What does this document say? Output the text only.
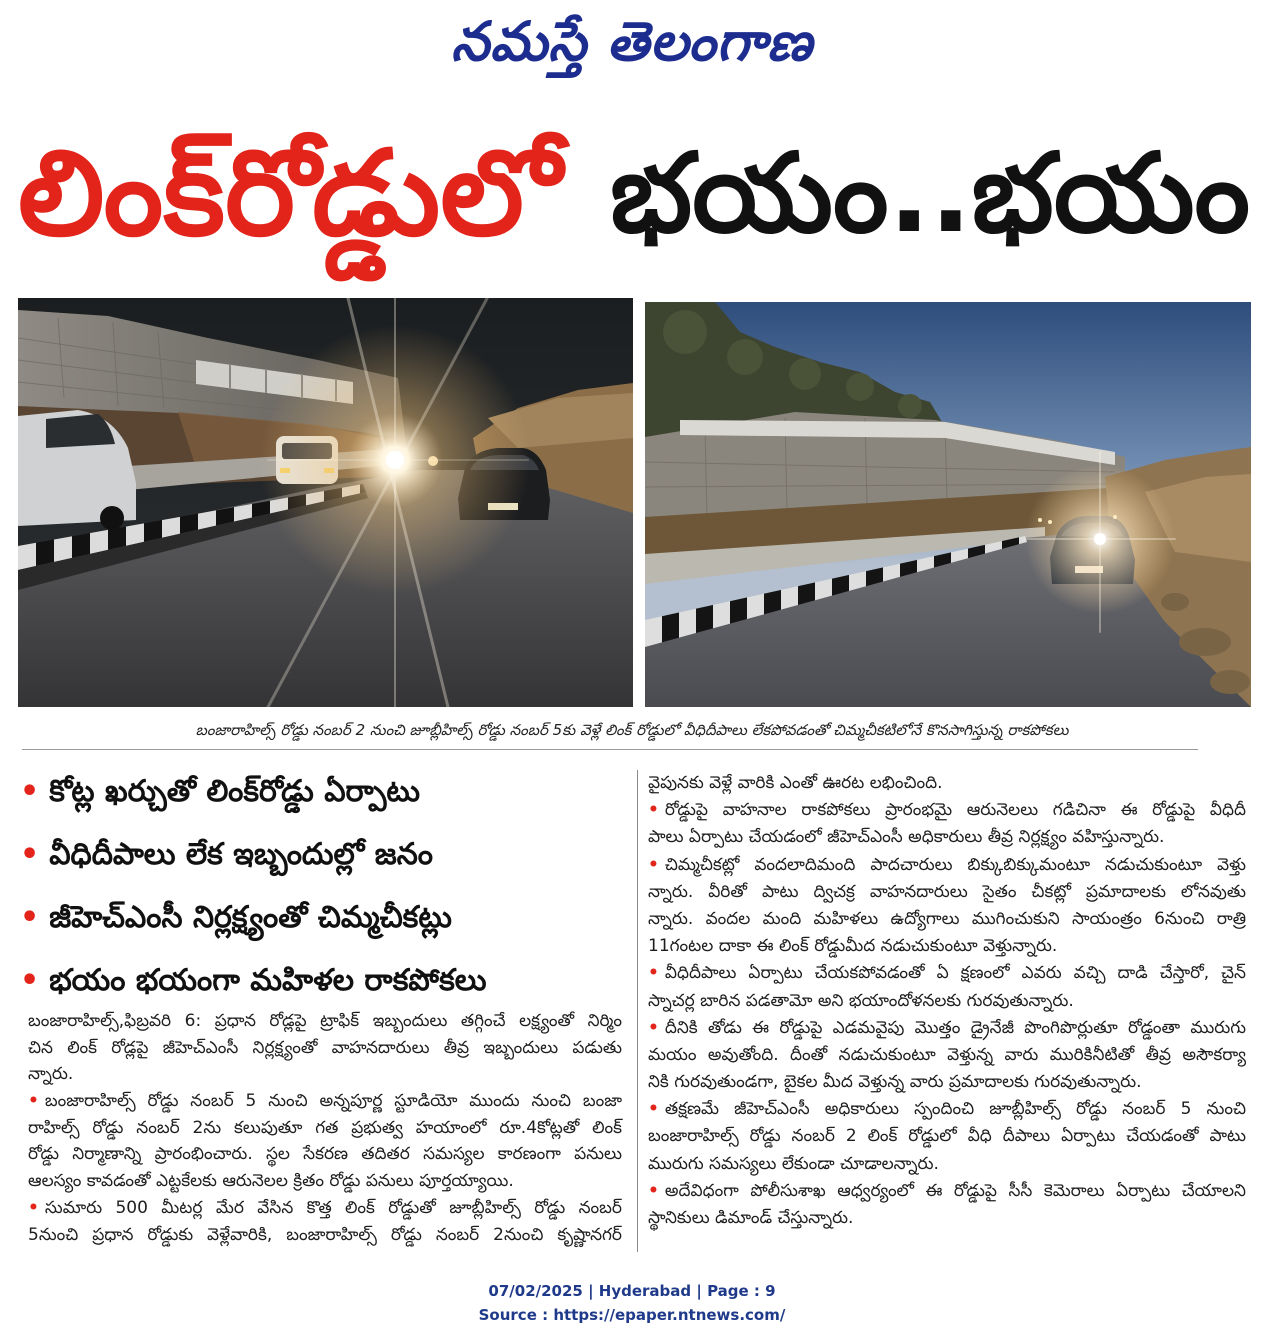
నమస్తే తెలంగాణ
లింక్‌రోడ్డులో భయం..భయం
బంజారాహిల్స్ రోడ్డు నంబర్ 2 నుంచి జూబ్లీహిల్స్ రోడ్డు నంబర్ 5కు వెళ్లే లింక్ రోడ్డులో వీధిదీపాలు లేకపోవడంతో చిమ్మచీకటిలోనే కొనసాగిస్తున్న రాకపోకలు
• కోట్ల ఖర్చుతో లింక్‌రోడ్డు ఏర్పాటు
• వీధిదీపాలు లేక ఇబ్బందుల్లో జనం
• జీహెచ్‌ఎంసీ నిర్లక్ష్యంతో చిమ్మచీకట్లు
• భయం భయంగా మహిళల రాకపోకలు
బంజారాహిల్స్,ఫిబ్రవరి 6: ప్రధాన రోడ్లపై ట్రాఫిక్ ఇబ్బందులు తగ్గించే లక్ష్యంతో నిర్మిం
చిన లింక్ రోడ్లపై జీహెచ్‌ఎంసీ నిర్లక్ష్యంతో వాహనదారులు తీవ్ర ఇబ్బందులు పడుతు
న్నారు.
• బంజారాహిల్స్ రోడ్డు నంబర్ 5 నుంచి అన్నపూర్ణ స్టూడియో ముందు నుంచి బంజా
రాహిల్స్ రోడ్డు నంబర్ 2ను కలుపుతూ గత ప్రభుత్వ హయాంలో రూ.4కోట్లతో లింక్
రోడ్డు నిర్మాణాన్ని ప్రారంభించారు. స్థల సేకరణ తదితర సమస్యల కారణంగా పనులు
ఆలస్యం కావడంతో ఎట్టకేలకు ఆరునెలల క్రితం రోడ్డు పనులు పూర్తయ్యాయి.
• సుమారు 500 మీటర్ల మేర వేసిన కొత్త లింక్ రోడ్డుతో జూబ్లీహిల్స్ రోడ్డు నంబర్
5నుంచి ప్రధాన రోడ్డుకు వెళ్లేవారికి, బంజారాహిల్స్ రోడ్డు నంబర్ 2నుంచి కృష్ణానగర్
వైపునకు వెళ్లే వారికి ఎంతో ఊరట లభించింది.
• రోడ్డుపై వాహనాల రాకపోకలు ప్రారంభమై ఆరునెలలు గడిచినా ఈ రోడ్డుపై వీధిదీ
పాలు ఏర్పాటు చేయడంలో జీహెచ్‌ఎంసీ అధికారులు తీవ్ర నిర్లక్ష్యం వహిస్తున్నారు.
• చిమ్మచీకట్లో వందలాదిమంది పాదచారులు బిక్కుబిక్కుమంటూ నడుచుకుంటూ వెళ్తు
న్నారు. వీరితో పాటు ద్విచక్ర వాహనదారులు సైతం చీకట్లో ప్రమాదాలకు లోనవుతు
న్నారు. వందల మంది మహిళలు ఉద్యోగాలు ముగించుకుని సాయంత్రం 6నుంచి రాత్రి
11గంటల దాకా ఈ లింక్ రోడ్డుమీద నడుచుకుంటూ వెళ్తున్నారు.
• వీధిదీపాలు ఏర్పాటు చేయకపోవడంతో ఏ క్షణంలో ఎవరు వచ్చి దాడి చేస్తారో, చైన్
స్నాచర్ల బారిన పడతామో అని భయాందోళనలకు గురవుతున్నారు.
• దీనికి తోడు ఈ రోడ్డుపై ఎడమవైపు మొత్తం డ్రైనేజీ పొంగిపొర్లుతూ రోడ్డంతా మురుగు
మయం అవుతోంది. దీంతో నడుచుకుంటూ వెళ్తున్న వారు మురికినీటితో తీవ్ర అసౌకర్యా
నికి గురవుతుండగా, బైకల మీద వెళ్తున్న వారు ప్రమాదాలకు గురవుతున్నారు.
• తక్షణమే జీహెచ్‌ఎంసీ అధికారులు స్పందించి జూబ్లీహిల్స్ రోడ్డు నంబర్ 5 నుంచి
బంజారాహిల్స్ రోడ్డు నంబర్ 2 లింక్ రోడ్డులో వీధి దీపాలు ఏర్పాటు చేయడంతో పాటు
మురుగు సమస్యలు లేకుండా చూడాలన్నారు.
• అదేవిధంగా పోలీసుశాఖ ఆధ్వర్యంలో ఈ రోడ్డుపై సీసీ కెమెరాలు ఏర్పాటు చేయాలని
స్థానికులు డిమాండ్ చేస్తున్నారు.
07/02/2025 | Hyderabad | Page : 9
Source : https://epaper.ntnews.com/
